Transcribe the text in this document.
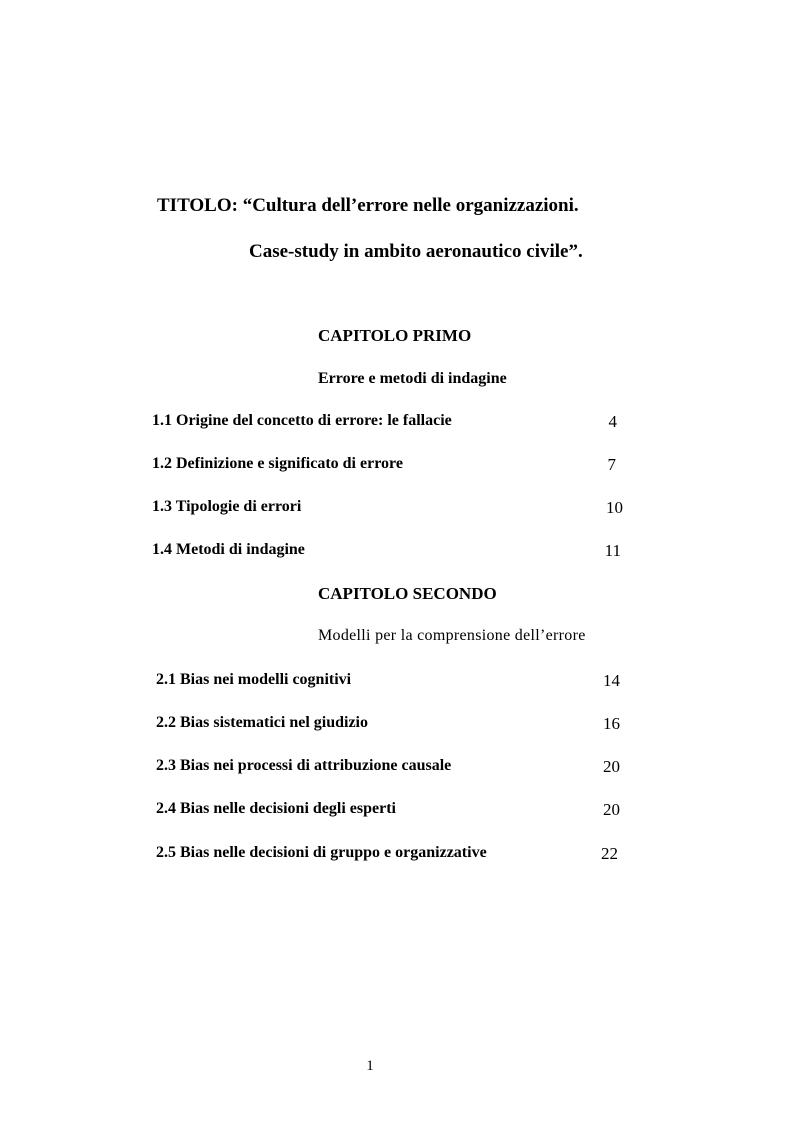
TITOLO: “Cultura dell’errore nelle organizzazioni.
Case-study in ambito aeronautico civile”.
CAPITOLO PRIMO
Errore e metodi di indagine
1.1 Origine del concetto di errore: le fallacie	4
1.2 Definizione e significato di errore	7
1.3 Tipologie di errori	10
1.4 Metodi di indagine	11
CAPITOLO SECONDO
Modelli per la comprensione dell’errore
2.1 Bias nei modelli cognitivi	14
2.2 Bias sistematici nel giudizio	16
2.3 Bias nei processi di attribuzione causale	20
2.4 Bias nelle decisioni degli esperti	20
2.5 Bias nelle decisioni di gruppo e organizzative	22
1
